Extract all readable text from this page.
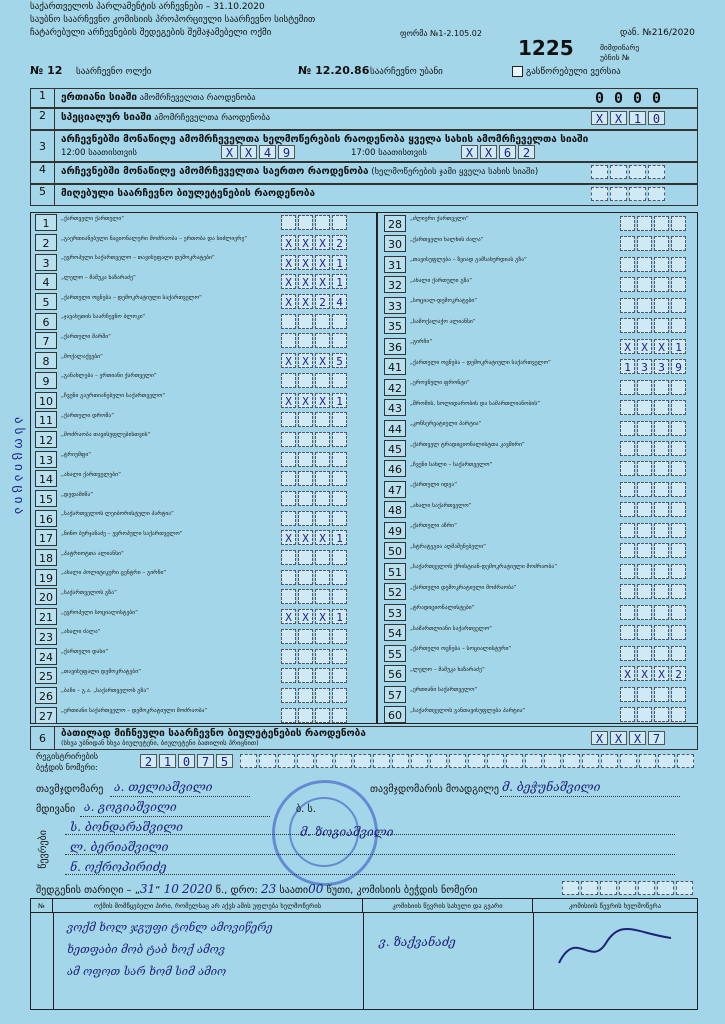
საქართველოს პარლამენტის არჩევნები – 31.10.2020
საუბნო საარჩევნო კომისიის პროპორციული საარჩევნო სისტემით
ჩატარებული არჩევნების შედეგების შემაჯამებელი ოქმი	ფორმა №1-2.105.02
1225
დან. №216/2020
მიმდინარე
უბნის №
№ 12 საარჩევნო ოლქი	№ 12.20.86 საარჩევნო უბანი	გასწორებული ვერსია
1	ერთიანი სიაში ამომრჩეველთა რაოდენობა	0 0 0 0
2	სპეციალურ სიაში ამომრჩეველთა რაოდენობა	X X 1 0
3
არჩევნებში მონაწილე ამომრჩეველთა ხელმოწერების რაოდენობა ყველა სახის ამომრჩეველთა სიაში
12:00 საათისთვის	X X 4 9	17:00 საათისთვის	X X 6 2
4	არჩევნებში მონაწილე ამომრჩეველთა საერთო რაოდენობა (ხელმოწერების ჯამი ყველა სახის სიაში)
5	მიღებული საარჩევნო ბიულეტენების რაოდენობა
ასოციაცია
1	„ქართველი ქართული“
2	„გაერთიანებული ნაციონალური მოძრაობა – ერთობა და სიძლიერე“	X X X 2
3	„ევროპული საქართველო – თავისუფალი დემოკრატები“	X X X 1
4	„ლელო – მამუკა ხაზარაძე“	X X X 1
5	„ქართული ოცნება – დემოკრატიული საქართველო“	X X 2 4
6	„ჯავახეთის საარჩევნო ბლოკი“
7	„ქართული მარში“
8	„მოქალაქეები“	X X X 5
9	„განახლება – ერთიანი ქართველი“
10	„ჩვენი გაერთიანებული საქართველო“	X X X 1
11	„ქართული დროშა“
12	„მოძრაობა თავისუფლებისთვის“
13	„ტრიუმფი“
14	„ახალი ქართველები“
15	„დედამიწა“
16	„საქართველოს ლეიბორისტული პარტია“
17	„ნინო ბურჯანაძე – ევროპული საქართველო“	X X X 1
18	„პატრიოტთა ალიანსი“
19	„ახალი პოლიტიკური ცენტრი – გირჩი“
20	„საქართველოს გზა“
21	„ევროპელი სოციალისტები“	X X X 1
23	„ახალი ძალა“
24	„ქართული დასი“
25	„თავისუფალი დემოკრატები“
26	„ბაჩი – გ.ა. „საქართველოს გზა“
27	„ერთიანი საქართველო – დემოკრატიული მოძრაობა“
28	„ძლიერი ქართველი“
30	„ქართველი ხალხის ძალა“
31	„თავისუფლება – ზვიად გამსახურდიას გზა“
32	„ახალი ქართული გზა“
33	„სოციალ-დემოკრატები“
35	„სამოქალაქო ალიანსი“
36	„გირჩი“	X X X 1
41	„ქართული ოცნება – დემოკრატიული საქართველო“	1 3 3 9
42	„ეროვნული ფრონტი“
43	„შრომის, სოლიდარობის და სამართლიანობის“
44	„კონსერვატიული პარტია“
45	„ქართველ ტრადიციონალისტთა კავშირი“
46	„ჩვენი სახლი – საქართველო“
47	„ქართული იდეა“
48	„ახალი საქართველო“
49	„ქართული აზრი“
50	„სტრატეგია აღმაშენებელი“
51	„საქართველოს ქრისტიან-დემოკრატიული მოძრაობა“
52	„ქართული დემოკრატიული მოძრაობა“
53	„ტრადიციონალისტები“
54	„სამართლიანი საქართველო“
55	„ქართული ოცნება – სოციალისტური“
56	„ლელო – მამუკა ხაზარაძე“	X X X 2
57	„ერთიანი საქართველო“
60	„საქართველოს განთავისუფლება პარტია“
6	ბათილად მიჩნეული საარჩევნო ბიულეტენების რაოდენობა
(სხვა უბნიდან სხვა ბიულეტენი, ბიულეტენი ბათილის პრიცნით)	X X X 7
რეგისტრირების
ბეჭდის ნომერი:	2 1 0 7 5
თავმჯდომარე ა. თელიაშვილი	თავმჯდომარის მოადგილე მ. ბეჭუნაშვილი
მდივანი ა. გოგიაშვილი	ბ. ს.
წევრები
ს. ბონდარაშვილი
ლ. ბერიაშვილი
ნ. ოქროპირიძე
მ. ზოგიაშვილი
შედგენის თარიღი – „31“ 10 2020 წ., დრო: 23 საათი00 წუთი, კომისიის ბეჭდის ნომერი
№	ოქმის მომწყებელი პირი, რომელსაც არ აქვს ამის უფლება ხელმოწერის	კომისიის წევრის სახელი და გვარი	კომისიის წევრის ხელმოწერა
ვოქმ ხოლ ჯგუფი ტონლ ამოვიწერე
ხეთფაბი მობ ტაბ ხოქ ამოვ
ამ ოფოთ სარ ხომ სიმ ამიო
ვ. ზაქვანაძე
